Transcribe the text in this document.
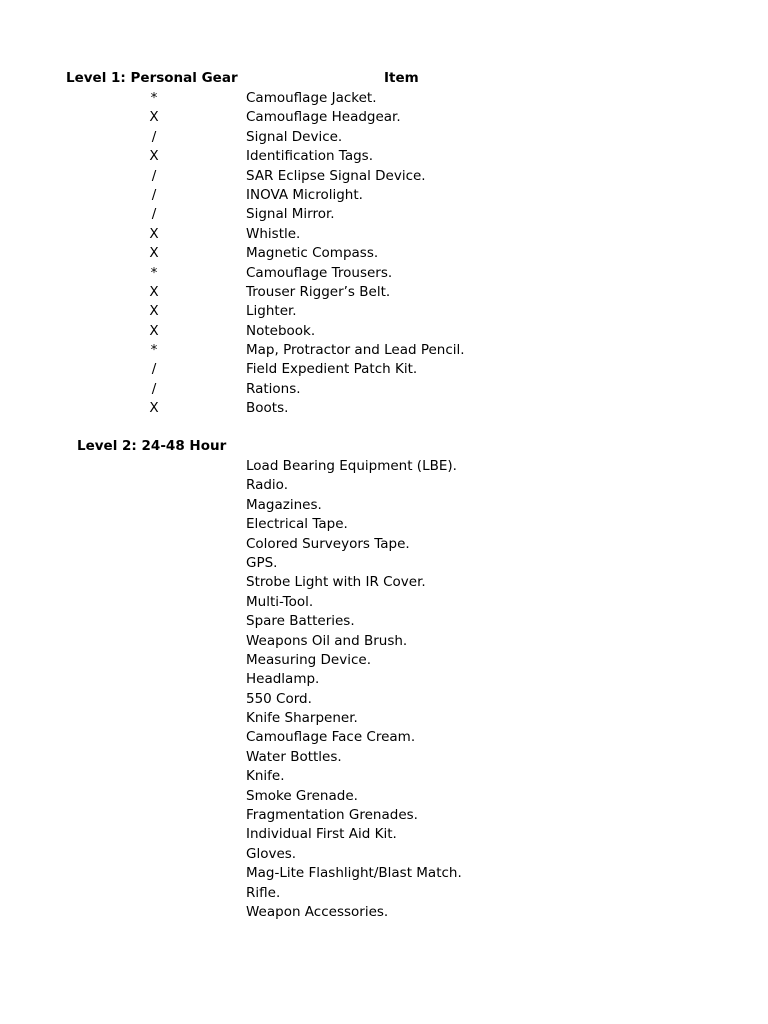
Level 1: Personal Gear	Item
*	Camouflage Jacket.
X	Camouflage Headgear.
/	Signal Device.
X	Identification Tags.
/	SAR Eclipse Signal Device.
/	INOVA Microlight.
/	Signal Mirror.
X	Whistle.
X	Magnetic Compass.
*	Camouflage Trousers.
X	Trouser Rigger’s Belt.
X	Lighter.
X	Notebook.
*	Map, Protractor and Lead Pencil.
/	Field Expedient Patch Kit.
/	Rations.
X	Boots.
Level 2: 24-48 Hour
Load Bearing Equipment (LBE).
Radio.
Magazines.
Electrical Tape.
Colored Surveyors Tape.
GPS.
Strobe Light with IR Cover.
Multi-Tool.
Spare Batteries.
Weapons Oil and Brush.
Measuring Device.
Headlamp.
550 Cord.
Knife Sharpener.
Camouflage Face Cream.
Water Bottles.
Knife.
Smoke Grenade.
Fragmentation Grenades.
Individual First Aid Kit.
Gloves.
Mag-Lite Flashlight/Blast Match.
Rifle.
Weapon Accessories.
